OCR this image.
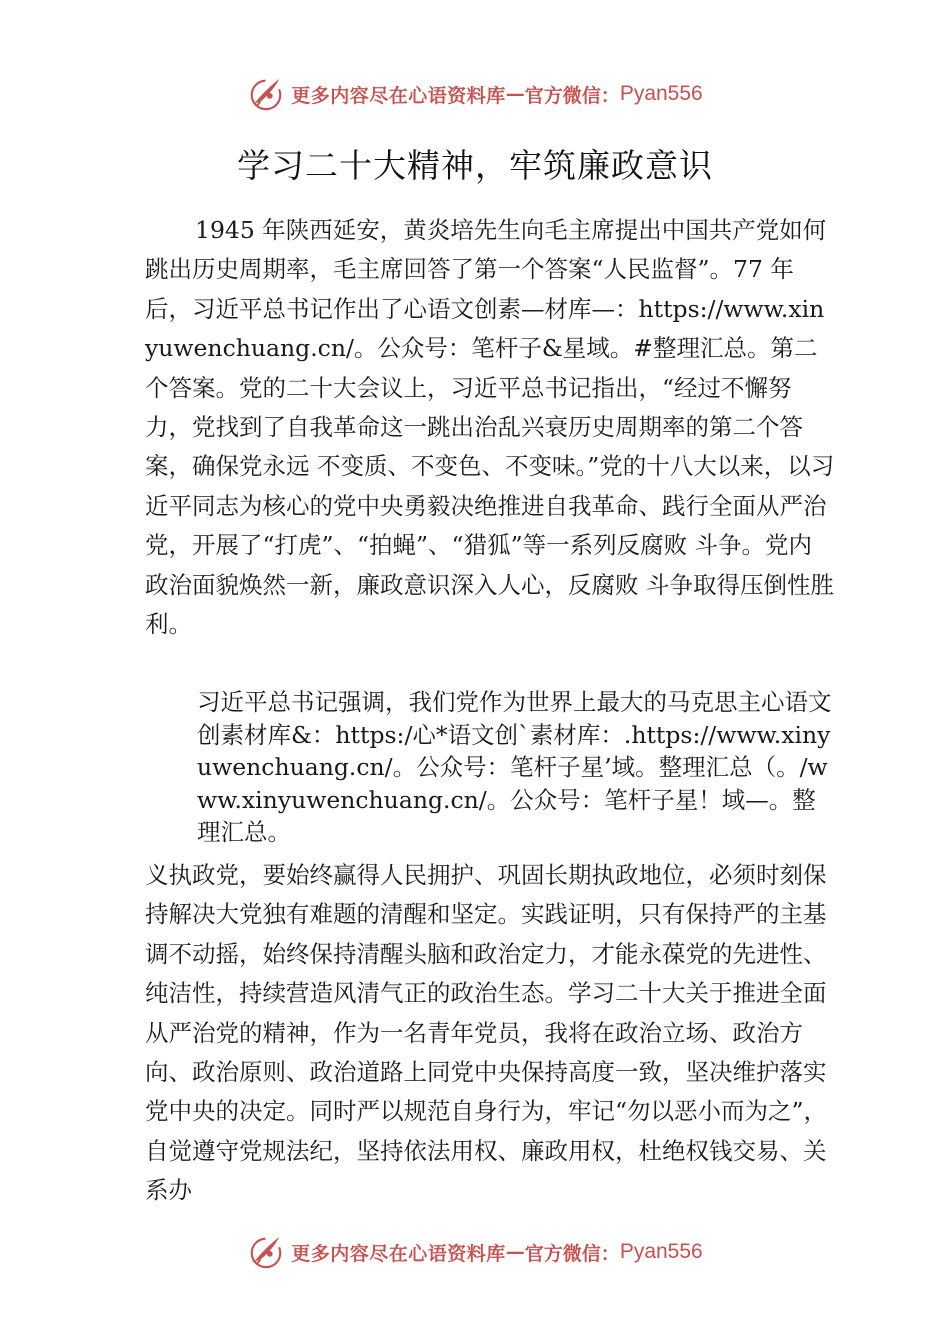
更多内容尽在心语资料库 — 官方微信： Pyan556
学习二十大精神，牢筑廉政意识

1945 年陕西延安，黄炎培先生向毛主席提出中国共产党如何跳出历史周期率，毛主席回答了第一个答案“人民监督”。77 年后，习近平总书记作出了心语文创素—材库—：https://www.xinyuwenchuang.cn/。公众号：笔杆子&星域。#整理汇总。第二个答案。党的二十大会议上，习近平总书记指出，“经过不懈努力，党找到了自我革命这一跳出治乱兴衰历史周期率的第二个答案，确保党永远 不变质、不变色、不变味。”党的十八大以来，以习近平同志为核心的党中央勇毅决绝推进自我革命、践行全面从严治 党，开展了“打虎”、“拍蝇”、“猎狐”等一系列反腐败 斗争。党内政治面貌焕然一新，廉政意识深入人心，反腐败 斗争取得压倒性胜利。

习近平总书记强调，我们党作为世界上最大的马克思主心语文创素材库&：https:/心*语文创`素材库：.https://www.xinyuwenchuang.cn/。公众号：笔杆子星’域。整理汇总（。/www.xinyuwenchuang.cn/。公众号：笔杆子星！域—。整理汇总。

义执政党，要始终赢得人民拥护、巩固长期执政地位，必须时刻保持解决大党独有难题的清醒和坚定。实践证明，只有保持严的主基调不动摇，始终保持清醒头脑和政治定力，才能永葆党的先进性、纯洁性，持续营造风清气正的政治生态。学习二十大关于推进全面从严治党的精神，作为一名青年党员，我将在政治立场、政治方向、政治原则、政治道路上同党中央保持高度一致，坚决维护落实党中央的决定。同时严以规范自身行为，牢记“勿以恶小而为之”，自觉遵守党规法纪，坚持依法用权、廉政用权，杜绝权钱交易、关系办

更多内容尽在心语资料库 — 官方微信： Pyan556
